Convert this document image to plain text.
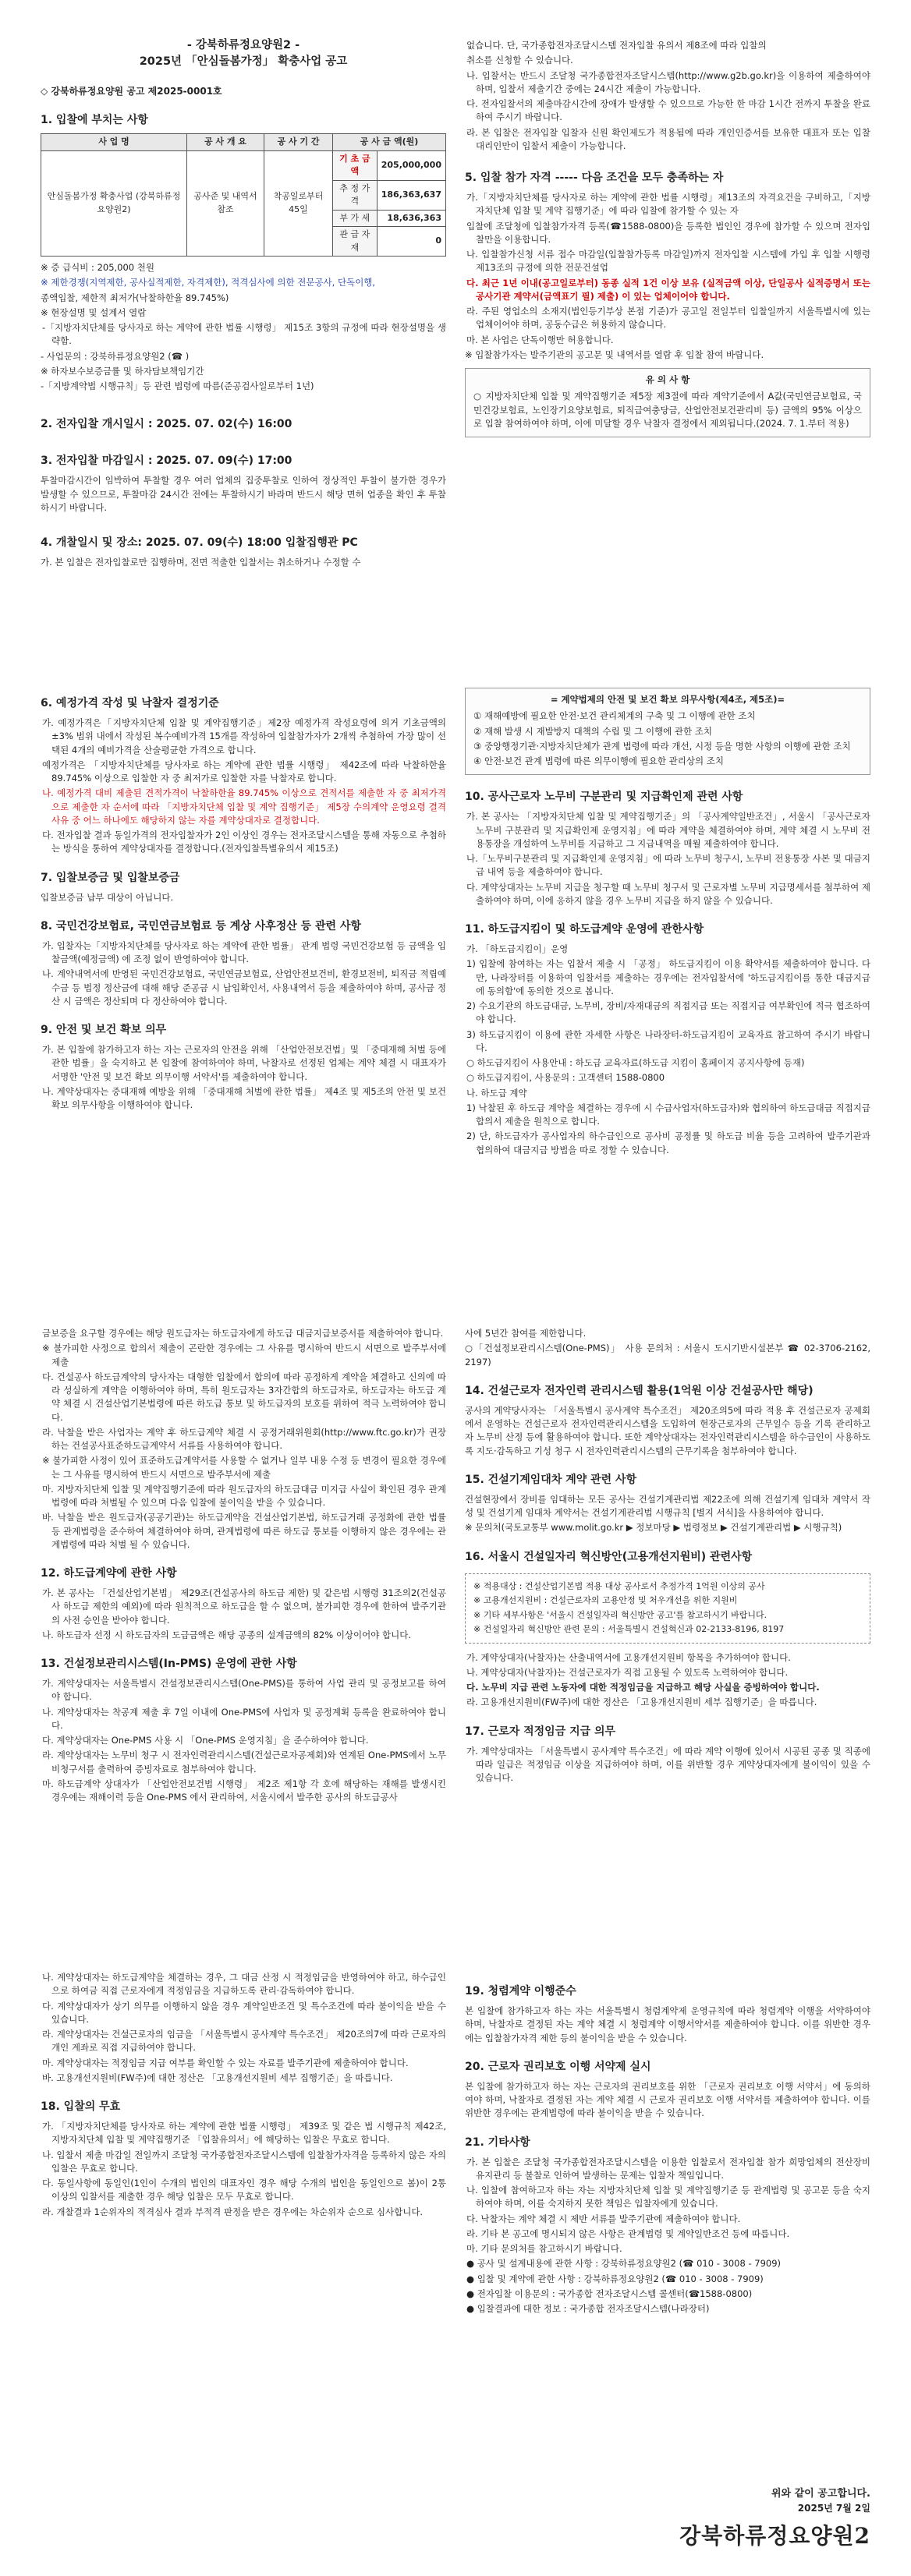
- 강북하류정요양원2 -
2025년 「안심돌봄가정」 확충사업 공고
◇ 강북하류정요양원 공고 제2025-0001호
1. 입찰에 부치는 사항
사 업 명	공 사 개 요	공 사 기 간	공 사 금 액(원)	
안심돌봄가정 확충사업 (강북하류정요양원2)	공사준 및 내역서 참조	착공일로부터 45일	기 초 금 액	205,000,000
			추 정 가 격	186,363,637
			부 가 세	18,636,363
			관 급 자 재	0

※ 증 급식비 : 205,000 천원

※ 제한경쟁(지역제한, 공사실적제한, 자격제한), 적격심사에 의한 전문공사, 단독이행,

종액입찰, 제한적 최저가(낙찰하한율 89.745%)

※ 현장설명 및 설계서 열람

-「지방자치단체를 당사자로 하는 계약에 관한 법률 시행령」 제15조 3항의 규정에 따라 현장설명을 생략함.

- 사업문의 : 강북하류정요양원2 (☎ )

※ 하자보수보증금률 및 하자담보책임기간

-「지방계약법 시행규칙」등 관련 법령에 따름(준공검사일로부터 1년)

2. 전자입찰 개시일시 : 2025. 07. 02(수) 16:00
3. 전자입찰 마감일시 : 2025. 07. 09(수) 17:00

투찰마감시간이 임박하여 투찰할 경우 여러 업체의 집중투찰로 인하여 정상적인 투찰이 불가한 경우가 발생할 수 있으므로, 투찰마감 24시간 전에는 투찰하시기 바라며 반드시 해당 면허 업종을 확인 후 투찰하시기 바랍니다.

4. 개찰일시 및 장소: 2025. 07. 09(수) 18:00 입찰집행관 PC

가. 본 입찰은 전자입찰로만 집행하며, 전면 적출한 입찰서는 취소하거나 수정할 수

없습니다. 단, 국가종합전자조달시스템 전자입찰 유의서 제8조에 따라 입찰의

취소를 신청할 수 있습니다.

나. 입찰서는 반드시 조달청 국가종합전자조달시스템(http://www.g2b.go.kr)을 이용하여 제출하여야 하며, 입찰서 제출기간 중에는 24시간 제출이 가능합니다.

다. 전자입찰서의 제출마감시간에 장애가 발생할 수 있으므로 가능한 한 마감 1시간 전까지 투찰을 완료하여 주시기 바랍니다.

라. 본 입찰은 전자입찰 입찰자 신원 확인제도가 적용됨에 따라 개인인증서를 보유한 대표자 또는 입찰 대리인만이 입찰서 제출이 가능합니다.

5. 입찰 참가 자격 ----- 다음 조건을 모두 충족하는 자

가.「지방자치단체를 당사자로 하는 계약에 관한 법률 시행령」제13조의 자격요건을 구비하고,「지방자치단체 입찰 및 계약 집행기준」에 따라 입찰에 참가할 수 있는 자

입찰에 조달청에 입찰참가자격 등록(☎1588-0800)을 등록한 법인인 경우에 참가할 수 있으며 전자입찰만을 이용합니다.

나. 입찰참가신청 서류 접수 마감일(입찰참가등록 마감일)까지 전자입찰 시스템에 가입 후 입찰 시행령 제13조의 규정에 의한 전문건설업

다. 최근 1년 이내(공고일로부터) 동종 실적 1건 이상 보유 (실적금액 이상, 단일공사 실적증명서 또는 공사기관 계약서(금액표기 필) 제출) 이 있는 업체이어야 합니다.

라. 주된 영업소의 소재지(법인등기부상 본점 기준)가 공고일 전일부터 입찰일까지 서울특별시에 있는 업체이어야 하며, 공동수급은 허용하지 않습니다.

마. 본 사업은 단독이행만 허용합니다.

※ 입찰참가자는 발주기관의 공고문 및 내역서를 열람 후 입찰 참여 바랍니다.

유 의 사 항

○ 지방자치단체 입찰 및 계약집행기준 제5장 제3절에 따라 계약기준에서 A값(국민연금보험료, 국민건강보험료, 노인장기요양보험료, 퇴직급여충당금, 산업안전보건관리비 등) 금액의 95% 이상으로 입찰 참여하여야 하며, 이에 미달할 경우 낙찰자 결정에서 제외됩니다.(2024. 7. 1.부터 적용)

6. 예정가격 작성 및 낙찰자 결정기준

가. 예정가격은「지방자치단체 입찰 및 계약집행기준」제2장 예정가격 작성요령에 의거 기초금액의 ±3% 범위 내에서 작성된 복수예비가격 15개를 작성하여 입찰참가자가 2개씩 추첨하여 가장 많이 선택된 4개의 예비가격을 산술평균한 가격으로 합니다.

예정가격은 「지방자치단체를 당사자로 하는 계약에 관한 법률 시행령」 제42조에 따라 낙찰하한율 89.745% 이상으로 입찰한 자 중 최저가로 입찰한 자를 낙찰자로 합니다.

나. 예정가격 대비 제출된 견적가격이 낙찰하한율 89.745% 이상으로 견적서를 제출한 자 중 최저가격으로 제출한 자 순서에 따라 「지방자치단체 입찰 및 계약 집행기준」 제5장 수의계약 운영요령 결격사유 중 어느 하나에도 해당하지 않는 자를 계약상대자로 결정합니다.

다. 전자입찰 결과 동일가격의 전자입찰자가 2인 이상인 경우는 전자조달시스템을 통해 자동으로 추첨하는 방식을 통하여 계약상대자를 결정합니다.(전자입찰특별유의서 제15조)

7. 입찰보증금 및 입찰보증금

입찰보증금 납부 대상이 아닙니다.

8. 국민건강보험료, 국민연금보험료 등 계상 사후정산 등 관련 사항

가. 입찰자는「지방자치단체를 당사자로 하는 계약에 관한 법률」 관계 법령 국민건강보험 등 금액을 입찰금액(예정금액) 에 조정 없이 반영하여야 합니다.

나. 계약내역서에 반영된 국민건강보험료, 국민연금보험료, 산업안전보건비, 환경보전비, 퇴직금 적립예수금 등 법정 정산금에 대해 해당 준공금 시 납입확인서, 사용내역서 등을 제출하여야 하며, 공사금 정산 시 금액은 정산되며 다 정산하여야 합니다.

9. 안전 및 보건 확보 의무

가. 본 입찰에 참가하고자 하는 자는 근로자의 안전을 위해 「산업안전보건법」및 「중대재해 처벌 등에 관한 법률」을 숙지하고 본 입찰에 참여하여야 하며, 낙찰자로 선정된 업체는 계약 체결 시 대표자가 서명한 '안전 및 보건 확보 의무이행 서약서'를 제출하여야 합니다.

나. 계약상대자는 중대재해 예방을 위해 「중대재해 처벌에 관한 법률」 제4조 및 제5조의 안전 및 보건 확보 의무사항을 이행하여야 합니다.

= 계약법제의 안전 및 보건 확보 의무사항(제4조, 제5조)=

① 재해예방에 필요한 안전·보건 관리체계의 구축 및 그 이행에 관한 조치

② 재해 발생 시 재발방지 대책의 수립 및 그 이행에 관한 조치

③ 중앙행정기관·지방자치단체가 관계 법령에 따라 개선, 시정 등을 명한 사항의 이행에 관한 조치

④ 안전·보건 관계 법령에 따른 의무이행에 필요한 관리상의 조치

10. 공사근로자 노무비 구분관리 및 지급확인제 관련 사항

가. 본 공사는 「지방자치단체 입찰 및 계약집행기준」의 「공사계약일반조건」, 서울시 「공사근로자 노무비 구분관리 및 지급확인제 운영지침」에 따라 계약을 체결하여야 하며, 계약 체결 시 노무비 전용통장을 개설하여 노무비를 지급하고 그 지급내역을 매월 제출하여야 합니다.

나.「노무비구분관리 및 지급확인제 운영지침」에 따라 노무비 청구시, 노무비 전용통장 사본 및 대금지급 내역 등을 제출하여야 합니다.

다. 계약상대자는 노무비 지급을 청구할 때 노무비 청구서 및 근로자별 노무비 지급명세서를 첨부하여 제출하여야 하며, 이에 응하지 않을 경우 노무비 지급을 하지 않을 수 있습니다.

11. 하도급지킴이 및 하도급계약 운영에 관한사항

가. 「하도급지킴이」운영

1) 입찰에 참여하는 자는 입찰서 제출 시 「공정」 하도급지킴이 이용 확약서를 제출하여야 합니다. 다만, 나라장터를 이용하여 입찰서를 제출하는 경우에는 전자입찰서에 '하도급지킴이를 통한 대금지급에 동의함'에 동의한 것으로 봅니다.

2) 수요기관의 하도급대금, 노무비, 장비/자재대금의 직접지급 또는 직접지급 여부확인에 적극 협조하여야 합니다.

3) 하도급지킴이 이용에 관한 자세한 사항은 나라장터-하도급지킴이 교육자료 참고하여 주시기 바랍니다.

○ 하도급지킴이 사용안내 : 하도급 교육자료(하도급 지킴이 홈페이지 공지사항에 등재)

○ 하도급지킴이, 사용문의 : 고객센터 1588-0800

나. 하도급 계약

1) 낙찰된 후 하도급 계약을 체결하는 경우에 시 수급사업자(하도급자)와 협의하여 하도급대금 직접지급 합의서 제출을 원칙으로 합니다.

2) 단, 하도급자가 공사업자의 하수급인으로 공사비 공정률 및 하도급 비율 등을 고려하여 발주기관과 협의하여 대금지급 방법을 따로 정할 수 있습니다.

금보증을 요구할 경우에는 해당 원도급자는 하도급자에게 하도급 대금지급보증서를 제출하여야 합니다.

※ 불가피한 사정으로 합의서 제출이 곤란한 경우에는 그 사유를 명시하여 반드시 서면으로 발주부서에 제출

다. 건설공사 하도급계약의 당사자는 대형한 입찰에서 합의에 따라 공정하게 계약을 체결하고 신의에 따라 성실하게 계약을 이행하여야 하며, 특히 원도급자는 3자간합의 하도급자로, 하도급자는 하도급 계약 체결 시 건설산업기본법령에 따른 하도급 통보 및 하도급자의 보호를 위하여 적극 노력하여야 합니다.

라. 낙찰을 받은 사업자는 계약 후 하도급계약 체결 시 공정거래위원회(http://www.ftc.go.kr)가 권장하는 건설공사표준하도급계약서 서류를 사용하여야 합니다.

※ 불가피한 사정이 있어 표준하도급계약서를 사용할 수 없거나 일부 내용 수정 등 변경이 필요한 경우에는 그 사유를 명시하여 반드시 서면으로 발주부서에 제출

마. 지방자치단체 입찰 및 계약집행기준에 따라 원도급자의 하도급대금 미지급 사실이 확인된 경우 관계법령에 따라 처벌될 수 있으며 다음 입찰에 불이익을 받을 수 있습니다.

바. 낙찰을 받은 원도급자(공공기관)는 하도급계약을 건설산업기본법, 하도급거래 공정화에 관한 법률 등 관계법령을 준수하여 체결하여야 하며, 관계법령에 따른 하도급 통보를 이행하지 않은 경우에는 관계법령에 따라 처벌 될 수 있습니다.

12. 하도급계약에 관한 사항

가. 본 공사는 「건설산업기본법」 제29조(건설공사의 하도급 제한) 및 같은법 시행령 31조의2(건설공사 하도급 제한의 예외)에 따라 원칙적으로 하도급을 할 수 없으며, 불가피한 경우에 한하여 발주기관의 사전 승인을 받아야 합니다.

나. 하도급자 선정 시 하도급자의 도급금액은 해당 공종의 설계금액의 82% 이상이어야 합니다.

13. 건설정보관리시스템(In-PMS) 운영에 관한 사항

가. 계약상대자는 서울특별시 건설정보관리시스템(One-PMS)를 통하여 사업 관리 및 공정보고를 하여야 합니다.

나. 계약상대자는 착공계 제출 후 7일 이내에 One-PMS에 사업자 및 공정계획 등록을 완료하여야 합니다.

다. 계약상대자는 One-PMS 사용 시 「One-PMS 운영지침」을 준수하여야 합니다.

라. 계약상대자는 노무비 청구 시 전자인력관리시스템(건설근로자공제회)와 연계된 One-PMS에서 노무비청구서를 출력하여 증빙자료로 첨부하여야 합니다.

마. 하도급계약 상대자가 「산업안전보건법 시행령」 제2조 제1항 각 호에 해당하는 재해를 발생시킨 경우에는 재해이력 등을 One-PMS 에서 관리하여, 서울시에서 발주한 공사의 하도급공사

사에 5년간 참여를 제한합니다.

○「건설정보관리시스템(One-PMS)」 사용 문의처 : 서울시 도시기반시설본부 ☎ 02-3706-2162, 2197)

14. 건설근로자 전자인력 관리시스템 활용(1억원 이상 건설공사만 해당)

공사의 계약당사자는 「서울특별시 공사계약 특수조건」 제20조의5에 따라 적용 후 건설근로자 공제회에서 운영하는 건설근로자 전자인력관리시스템을 도입하여 현장근로자의 근무일수 등을 기록 관리하고 자 노무비 산정 등에 활용하여야 합니다. 또한 계약상대자는 전자인력관리시스템을 하수급인이 사용하도록 지도·감독하고 기성 청구 시 전자인력관리시스템의 근무기록을 첨부하여야 합니다.

15. 건설기계임대차 계약 관련 사항

건설현장에서 장비를 임대하는 모든 공사는 건설기계관리법 제22조에 의해 건설기계 임대차 계약서 작성 및 건설기계 임대차 계약서는 건설기계관리법 시행규칙 [별지 서식]을 사용하여야 합니다.

※ 문의처(국토교통부 www.molit.go.kr ▶ 정보마당 ▶ 법령정보 ▶ 건설기계관리법 ▶ 시행규칙)

16. 서울시 건설일자리 혁신방안(고용개선지원비) 관련사항

※ 적용대상 : 건설산업기본법 적용 대상 공사로서 추정가격 1억원 이상의 공사

※ 고용개선지원비 : 건설근로자의 고용안정 및 처우개선을 위한 지원비

※ 기타 세부사항은 '서울시 건설일자리 혁신방안 공고'를 참고하시기 바랍니다.

※ 건설일자리 혁신방안 관련 문의 : 서울특별시 건설혁신과 02-2133-8196, 8197

가. 계약상대자(낙찰자)는 산출내역서에 고용개선지원비 항목을 추가하여야 합니다.

나. 계약상대자(낙찰자)는 건설근로자가 직접 고용될 수 있도록 노력하여야 합니다.

다. 노무비 지급 관련 노동자에 대한 적정임금을 지급하고 해당 사실을 증빙하여야 합니다.

라. 고용개선지원비(FW주)에 대한 정산은 「고용개선지원비 세부 집행기준」을 따릅니다.

17. 근로자 적정임금 지급 의무

가. 계약상대자는 「서울특별시 공사계약 특수조건」에 따라 계약 이행에 있어서 시공된 공종 및 직종에 따라 일급은 적정임금 이상을 지급하여야 하며, 이를 위반할 경우 계약상대자에게 불이익이 있을 수 있습니다.

나. 계약상대자는 하도급계약을 체결하는 경우, 그 대금 산정 시 적정임금을 반영하여야 하고, 하수급인으로 하여금 직접 근로자에게 적정임금을 지급하도록 관리·감독하여야 합니다.

다. 계약상대자가 상기 의무를 이행하지 않을 경우 계약일반조건 및 특수조건에 따라 불이익을 받을 수 있습니다.

라. 계약상대자는 건설근로자의 임금을 「서울특별시 공사계약 특수조건」 제20조의7에 따라 근로자의 개인 계좌로 직접 지급하여야 합니다.

마. 계약상대자는 적정임금 지급 여부를 확인할 수 있는 자료를 발주기관에 제출하여야 합니다.

바. 고용개선지원비(FW주)에 대한 정산은 「고용개선지원비 세부 집행기준」을 따릅니다.

18. 입찰의 무효

가. 「지방자치단체를 당사자로 하는 계약에 관한 법률 시행령」 제39조 및 같은 법 시행규칙 제42조, 지방자치단체 입찰 및 계약집행기준 「입찰유의서」에 해당하는 입찰은 무효로 합니다.

나. 입찰서 제출 마감일 전일까지 조달청 국가종합전자조달시스템에 입찰참가자격을 등록하지 않은 자의 입찰은 무효로 합니다.

다. 동일사항에 동일인(1인이 수개의 법인의 대표자인 경우 해당 수개의 법인을 동일인으로 봄)이 2통 이상의 입찰서를 제출한 경우 해당 입찰은 모두 무효로 합니다.

라. 개찰결과 1순위자의 적격심사 결과 부적격 판정을 받은 경우에는 차순위자 순으로 심사합니다.

19. 청렴계약 이행준수

본 입찰에 참가하고자 하는 자는 서울특별시 청렴계약제 운영규칙에 따라 청렴계약 이행을 서약하여야 하며, 낙찰자로 결정된 자는 계약 체결 시 청렴계약 이행서약서를 제출하여야 합니다. 이를 위반한 경우에는 입찰참가자격 제한 등의 불이익을 받을 수 있습니다.

20. 근로자 권리보호 이행 서약제 실시

본 입찰에 참가하고자 하는 자는 근로자의 권리보호를 위한 「근로자 권리보호 이행 서약서」에 동의하여야 하며, 낙찰자로 결정된 자는 계약 체결 시 근로자 권리보호 이행 서약서를 제출하여야 합니다. 이를 위반한 경우에는 관계법령에 따라 불이익을 받을 수 있습니다.

21. 기타사항

가. 본 입찰은 조달청 국가종합전자조달시스템을 이용한 입찰로서 전자입찰 참가 희망업체의 전산장비 유지관리 등 불찰로 인하여 발생하는 문제는 입찰자 책임입니다.

나. 입찰에 참여하고자 하는 자는 지방자치단체 입찰 및 계약집행기준 등 관계법령 및 공고문 등을 숙지하여야 하며, 이를 숙지하지 못한 책임은 입찰자에게 있습니다.

다. 낙찰자는 계약 체결 시 제반 서류를 발주기관에 제출하여야 합니다.

라. 기타 본 공고에 명시되지 않은 사항은 관계법령 및 계약일반조건 등에 따릅니다.

마. 기타 문의처를 참고하시기 바랍니다.

● 공사 및 설계내용에 관한 사항 : 강북하류정요양원2 (☎ 010 - 3008 - 7909)

● 입찰 및 계약에 관한 사항 : 강북하류정요양원2 (☎ 010 - 3008 - 7909)

● 전자입찰 이용문의 : 국가종합 전자조달시스템 콜센터(☎1588-0800)

● 입찰결과에 대한 정보 : 국가종합 전자조달시스템(나라장터)

위와 같이 공고합니다.
2025년 7월 2일
강북하류정요양원2
